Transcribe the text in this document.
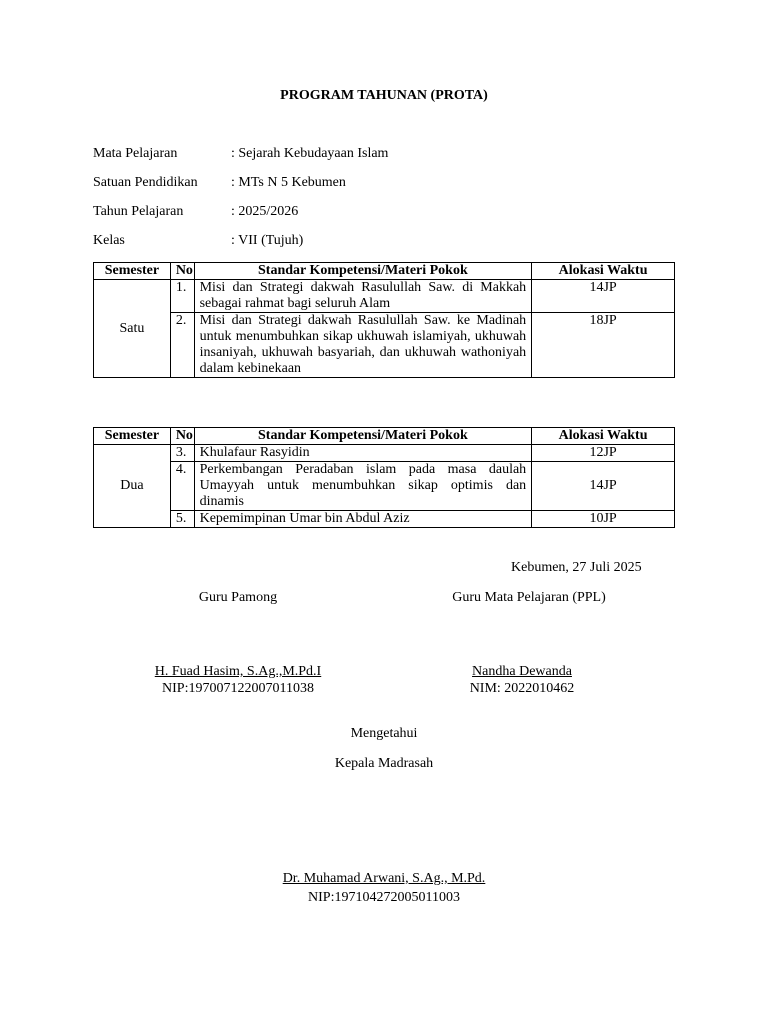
PROGRAM TAHUNAN (PROTA)
Mata Pelajaran	: Sejarah Kebudayaan Islam
Satuan Pendidikan : MTs N 5 Kebumen
Tahun Pelajaran	: 2025/2026
Kelas	: VII (Tujuh)
Semester	No	Standar Kompetensi/Materi Pokok	Alokasi Waktu
Satu	1.	Misi dan Strategi dakwah Rasulullah Saw. di Makkah sebagai rahmat bagi seluruh Alam	14JP
	2.	Misi dan Strategi dakwah Rasulullah Saw. ke Madinah untuk menumbuhkan sikap ukhuwah islamiyah, ukhuwah insaniyah, ukhuwah basyariah, dan ukhuwah wathoniyah dalam kebinekaan	18JP
Semester	No	Standar Kompetensi/Materi Pokok	Alokasi Waktu
Dua	3.	Khulafaur Rasyidin	12JP
	4.	Perkembangan Peradaban islam pada masa daulah Umayyah untuk menumbuhkan sikap optimis dan dinamis	14JP
	5.	Kepemimpinan Umar bin Abdul Aziz	10JP
Kebumen, 27 Juli 2025
Guru Pamong
H. Fuad Hasim, S.Ag.,M.Pd.I
NIP:197007122007011038
Guru Mata Pelajaran (PPL)
Nandha Dewanda
NIM: 2022010462
Mengetahui
Kepala Madrasah
Dr. Muhamad Arwani, S.Ag., M.Pd.
NIP:197104272005011003
